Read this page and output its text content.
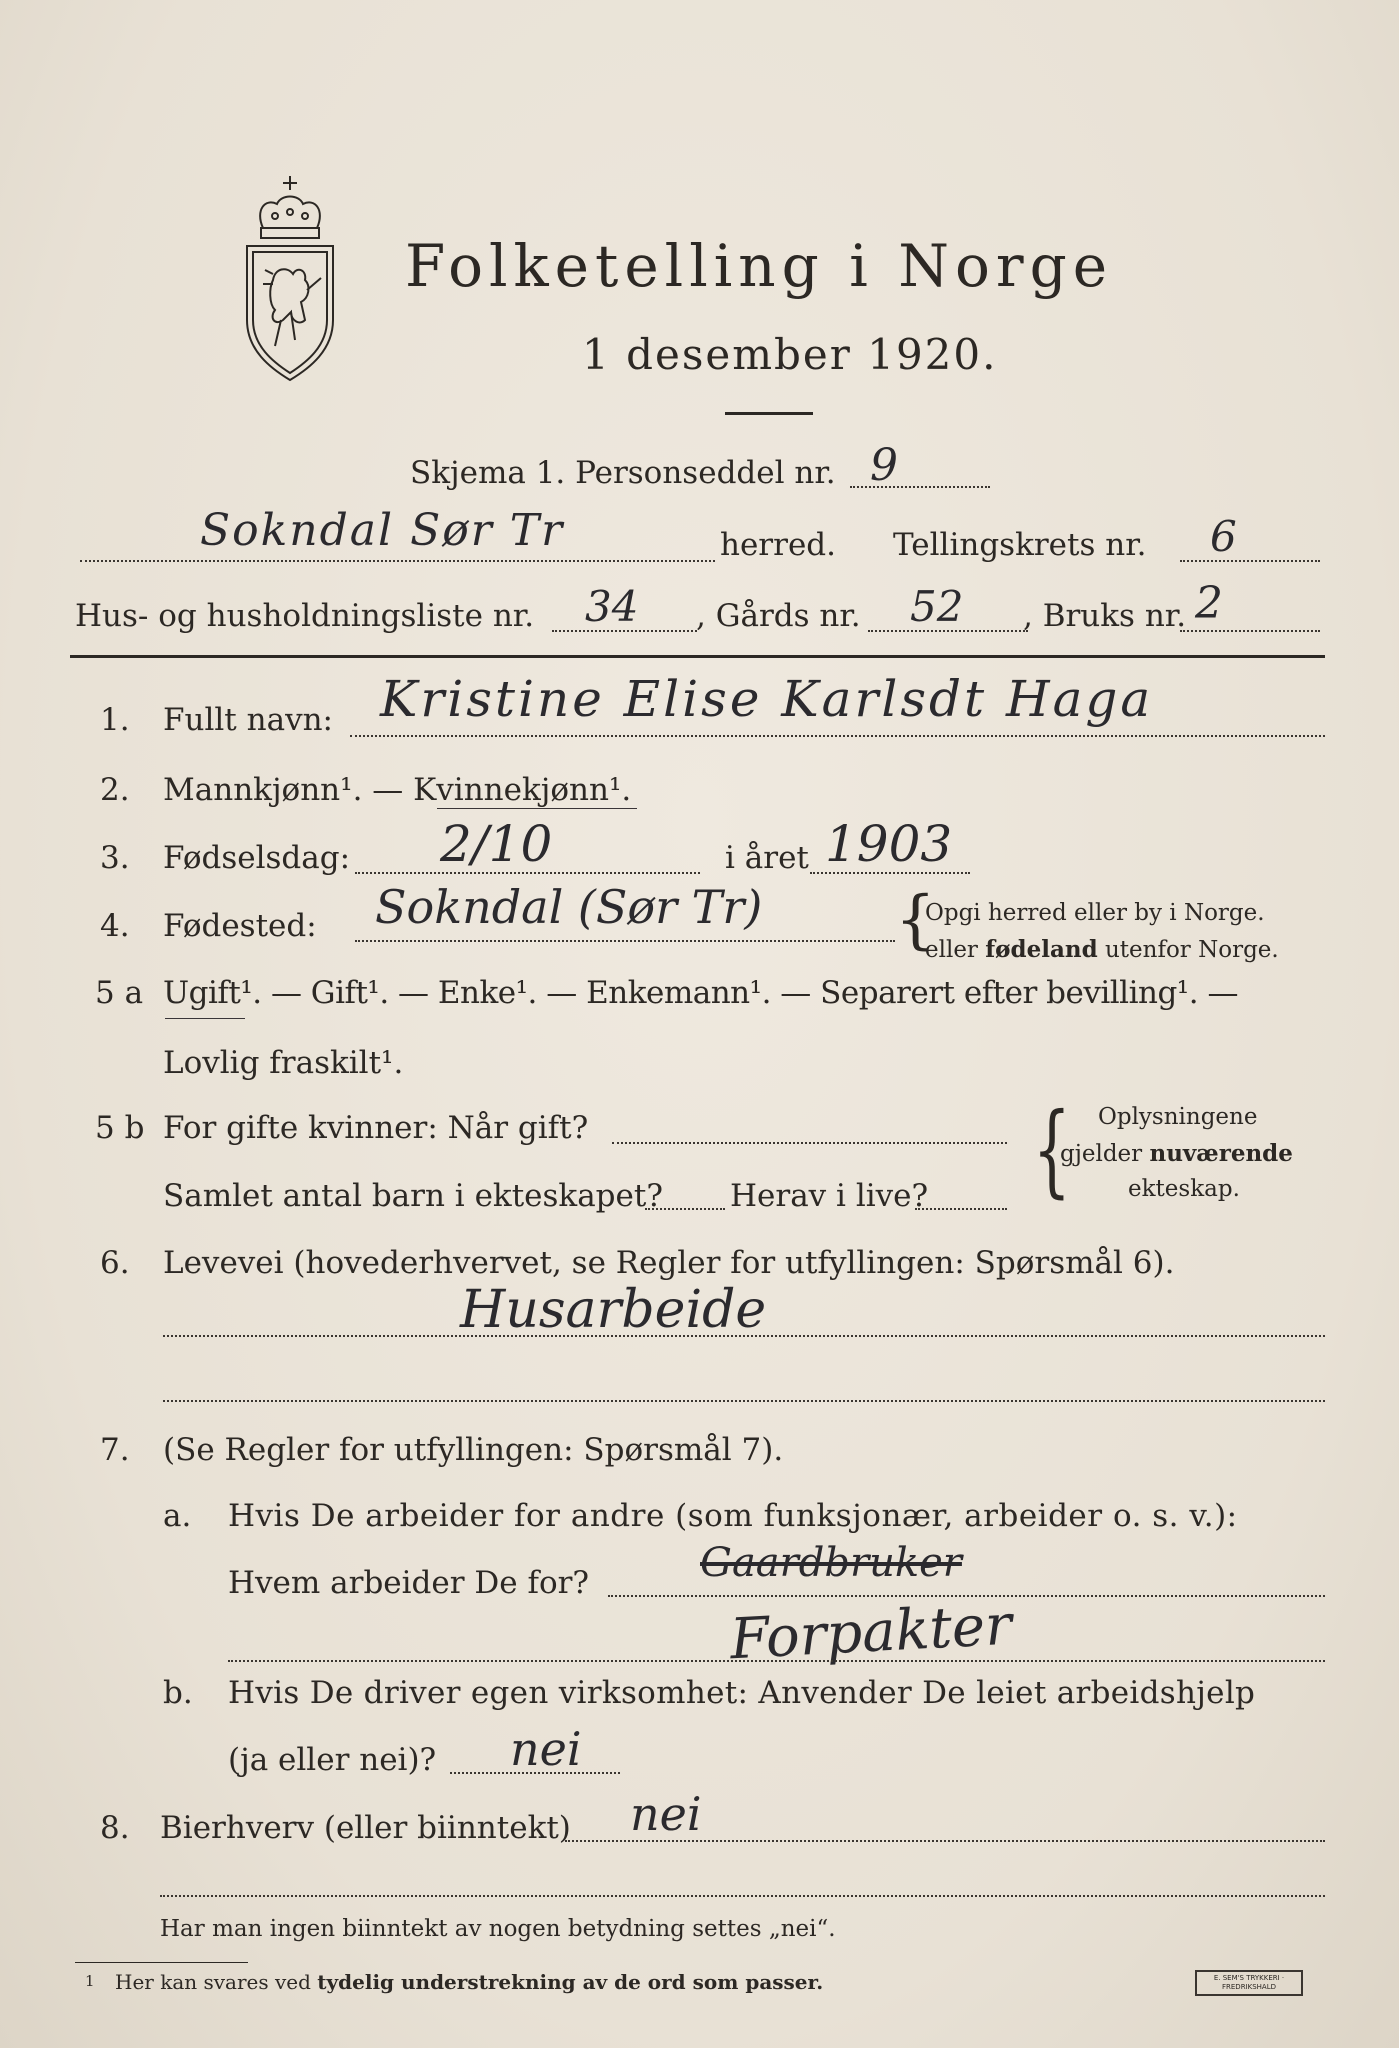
Folketelling i Norge
1 desember 1920.
Skjema 1. Personseddel nr. 9
Sokndal Sør Tr	herred. Tellingskrets nr. 6
Hus- og husholdningsliste nr. 34 , Gårds nr. 52 , Bruks nr. 2
1. Fullt navn: Kristine Elise Karlsdt Haga
2. Mannkjønn¹. — Kvinnekjønn¹.
3. Fødselsdag: 2/10	i året 1903
4. Fødested: Sokndal (Sør Tr) {
Opgi herred eller by i Norge.
eller fødeland utenfor Norge.
5 a Ugift¹. — Gift¹. — Enke¹. — Enkemann¹. — Separert efter bevilling¹. —
Lovlig fraskilt¹.
5 b For gifte kvinner: Når gift?
Samlet antal barn i ekteskapet? Herav i live? { Oplysningene
gjelder nuværende
ekteskap.
6. Levevei (hovederhvervet, se Regler for utfyllingen: Spørsmål 6).
Husarbeide
7. (Se Regler for utfyllingen: Spørsmål 7).
a. Hvis De arbeider for andre (som funksjonær, arbeider o. s. v.):
Hvem arbeider De for?	Gaardbruker
Forpakter
b. Hvis De driver egen virksomhet: Anvender De leiet arbeidshjelp
(ja eller nei)? nei
8. Bierhverv (eller biinntekt) nei
Har man ingen biinntekt av nogen betydning settes „nei“.
1 Her kan svares ved tydelig understrekning av de ord som passer.	E. SEM'S TRYKKERI · FREDRIKSHALD
